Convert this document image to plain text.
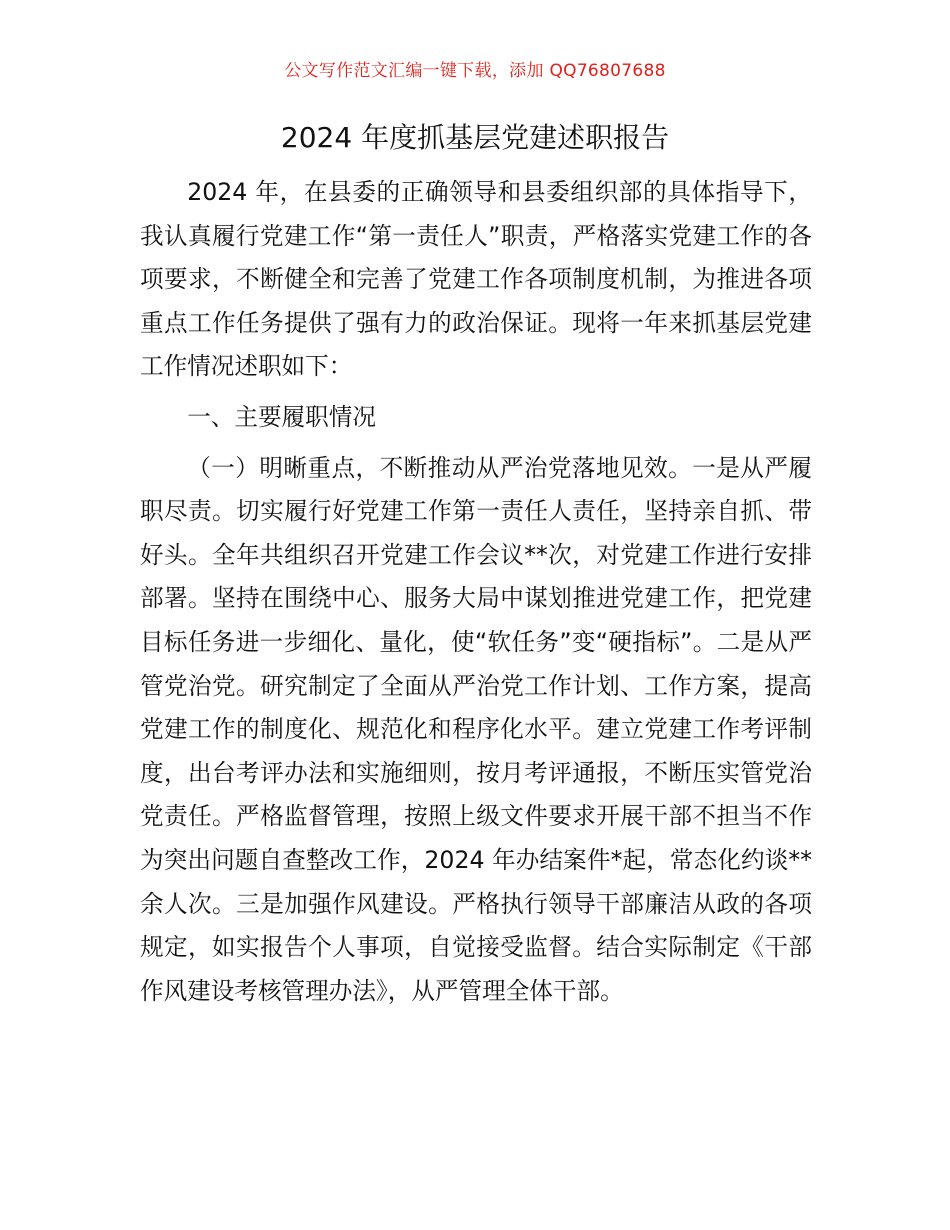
公文写作范文汇编一键下载，添加 QQ76807688
2024 年度抓基层党建述职报告

2024 年，在县委的正确领导和县委组织部的具体指导下，我认真履行党建工作“第一责任人”职责，严格落实党建工作的各项要求，不断健全和完善了党建工作各项制度机制，为推进各项重点工作任务提供了强有力的政治保证。现将一年来抓基层党建工作情况述职如下：

一、主要履职情况

（一）明晰重点，不断推动从严治党落地见效。一是从严履职尽责。切实履行好党建工作第一责任人责任，坚持亲自抓、带好头。全年共组织召开党建工作会议**次，对党建工作进行安排部署。坚持在围绕中心、服务大局中谋划推进党建工作，把党建目标任务进一步细化、量化，使“软任务”变“硬指标”。二是从严管党治党。研究制定了全面从严治党工作计划、工作方案，提高党建工作的制度化、规范化和程序化水平。建立党建工作考评制度，出台考评办法和实施细则，按月考评通报，不断压实管党治党责任。严格监督管理，按照上级文件要求开展干部不担当不作为突出问题自查整改工作，2024 年办结案件*起，常态化约谈**余人次。三是加强作风建设。严格执行领导干部廉洁从政的各项规定，如实报告个人事项，自觉接受监督。结合实际制定《干部作风建设考核管理办法》，从严管理全体干部。
